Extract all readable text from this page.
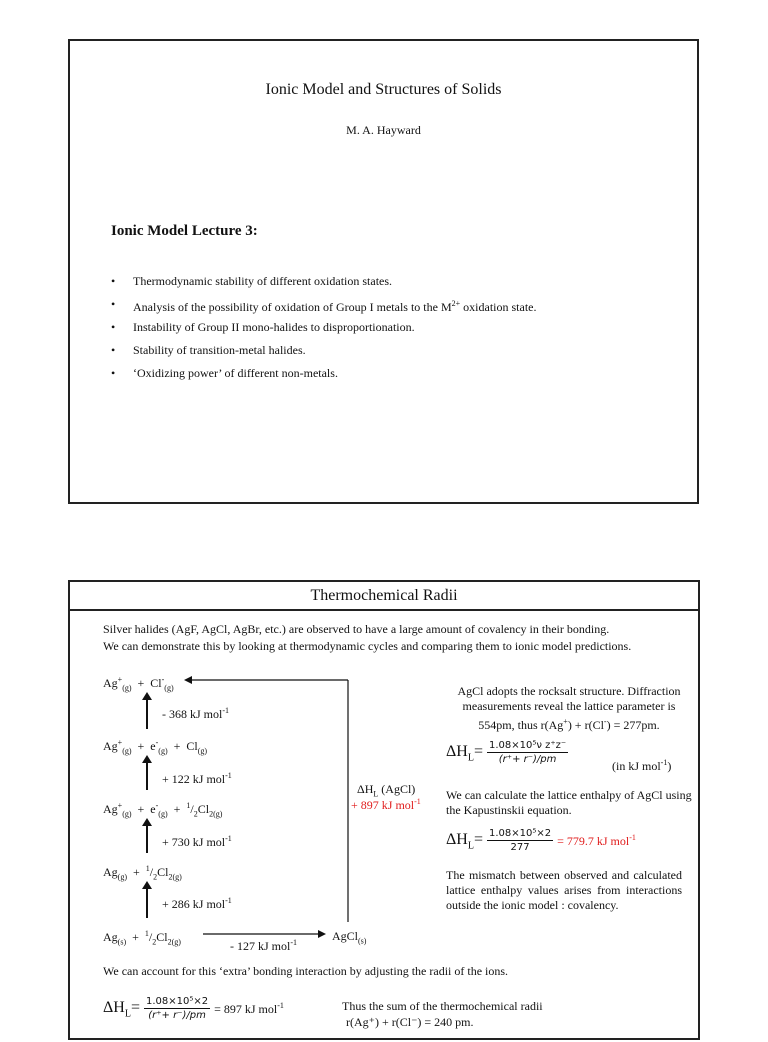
Ionic Model and Structures of Solids
M. A. Hayward
Ionic Model Lecture 3:
• Thermodynamic stability of different oxidation states.
• Analysis of the possibility of oxidation of Group I metals to the $M^{2+}$ oxidation state.
• Instability of Group II mono-halides to disproportionation.
• Stability of transition-metal halides.
• ‘Oxidizing power’ of different non-metals.
Thermochemical Radii
Silver halides (AgF, AgCl, AgBr, etc.) are observed to have a large amount of covalency in their bonding.
We can demonstrate this by looking at thermodynamic cycles and comparing them to ionic model predictions.
$Ag^+_{(g)} + Cl^-_{(g)}$
$Ag^+_{(g)} + e^-_{(g)} + Cl_{(g)}$
$Ag^+_{(g)} + e^-_{(g)} + ^1/_2Cl_{2(g)}$
$Ag_{(g)} + ^1/_2Cl_{2(g)}$
$Ag_{(s)} + ^1/_2Cl_{2(g)}$	AgCl$_{(s)}$
- 368 kJ mol$^{-1}$
+ 122 kJ mol$^{-1}$
+ 730 kJ mol$^{-1}$
+ 286 kJ mol$^{-1}$
- 127 kJ mol$^{-1}$
$\Delta H_L$ (AgCl)
+ 897 kJ mol$^{-1}$
AgCl adopts the rocksalt structure. Diffraction measurements reveal the lattice parameter is 554pm, thus r(Ag+) + r(Cl-) = 277pm.
$\Delta H_L= \frac{\text{1.08×10⁵ν z⁺z⁻}}{(r^++ r^-)/pm}$
(in kJ mol$^{-1}$)
We can calculate the lattice enthalpy of AgCl using the Kapustinskii equation.
$\Delta H_L= \frac{\text{1.08×10⁵×2}}{277} = 779.7$ kJ mol$^{-1}$
The mismatch between observed and calculated lattice enthalpy values arises from interactions outside the ionic model : covalency.
We can account for this ‘extra’ bonding interaction by adjusting the radii of the ions.
$\Delta H_L= \frac{\text{1.08×10⁵×2}}{(r^++ r^-)/pm} = 897$ kJ mol$^{-1}$	Thus the sum of the thermochemical radii
r(Ag⁺) + r(Cl⁻) = 240 pm.
